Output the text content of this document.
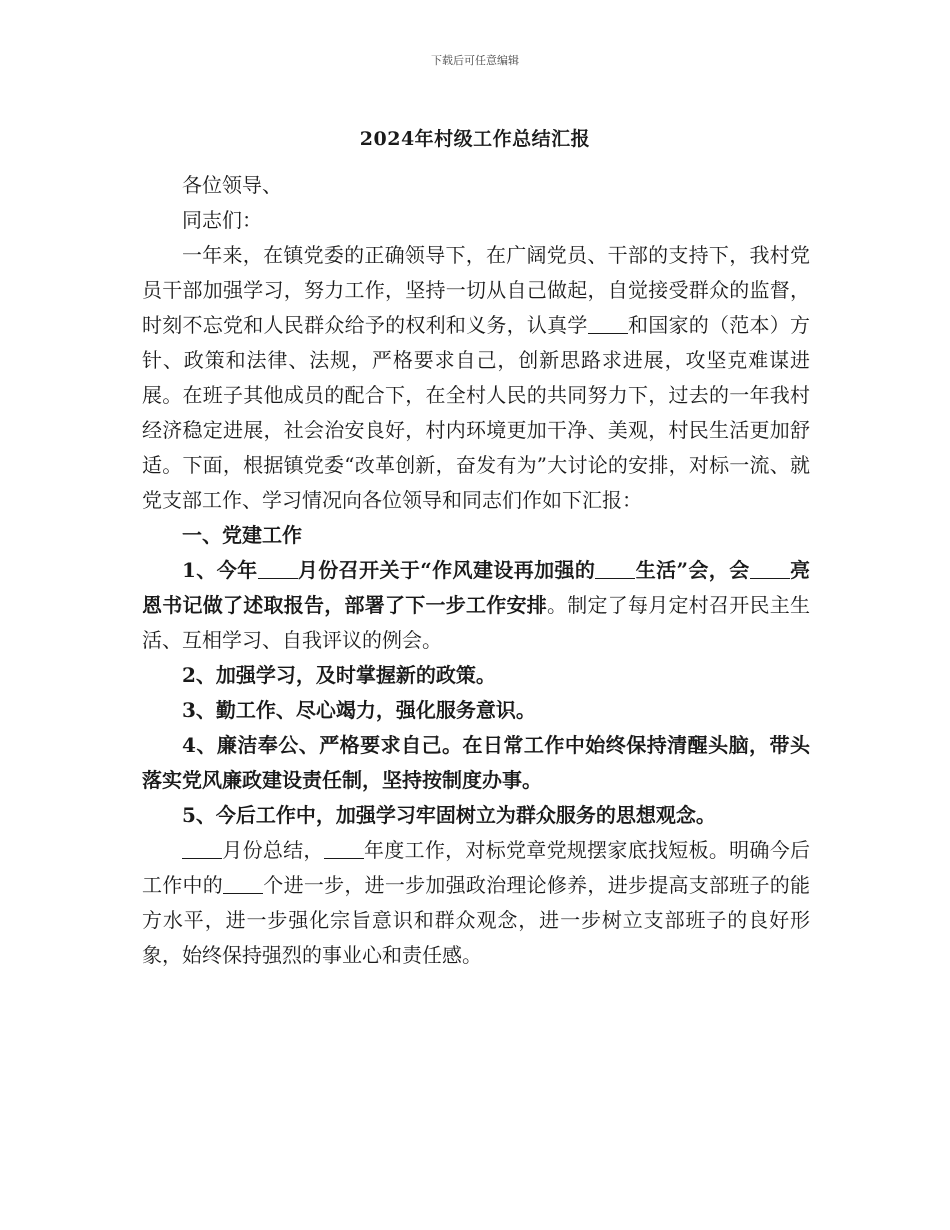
下载后可任意编辑
2024年村级工作总结汇报

各位领导、

同志们：

一年来，在镇党委的正确领导下，在广阔党员、干部的支持下，我村党员干部加强学习，努力工作，坚持一切从自己做起，自觉接受群众的监督，时刻不忘党和人民群众给予的权利和义务，认真学 和国家的（范本）方针、政策和法律、法规，严格要求自己，创新思路求进展，攻坚克难谋进展。在班子其他成员的配合下，在全村人民的共同努力下，过去的一年我村经济稳定进展，社会治安良好，村内环境更加干净、美观，村民生活更加舒适。下面，根据镇党委“改革创新，奋发有为”大讨论的安排，对标一流、就党支部工作、学习情况向各位领导和同志们作如下汇报：

一、党建工作

1、今年 月份召开关于“作风建设再加强的 生活”会，会 亮恩书记做了述取报告，部署了下一步工作安排。制定了每月定村召开民主生活、互相学习、自我评议的例会。

2、加强学习，及时掌握新的政策。

3、勤工作、尽心竭力，强化服务意识。

4、廉洁奉公、严格要求自己。在日常工作中始终保持清醒头脑，带头落实党风廉政建设责任制，坚持按制度办事。

5、今后工作中，加强学习牢固树立为群众服务的思想观念。

月份总结， 年度工作，对标党章党规摆家底找短板。明确今后工作中的 个进一步，进一步加强政治理论修养，进步提高支部班子的能方水平，进一步强化宗旨意识和群众观念，进一步树立支部班子的良好形象，始终保持强烈的事业心和责任感。
